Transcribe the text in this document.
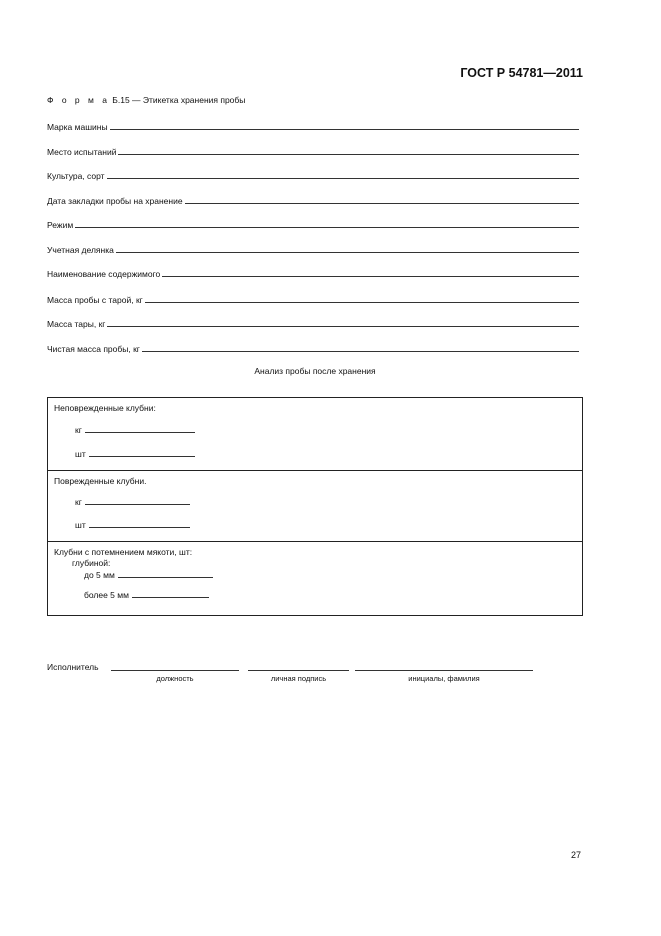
ГОСТ Р 54781—2011
Ф о р м а Б.15 — Этикетка хранения пробы
Марка машины
Место испытаний
Культура, сорт
Дата закладки пробы на хранение
Режим
Учетная делянка
Наименование содержимого
Масса пробы с тарой, кг
Масса тары, кг
Чистая масса пробы, кг
Анализ пробы после хранения
Неповрежденные клубни:
кг
шт
Поврежденные клубни.
кг
шт
Клубни с потемнением мякоти, шт:
глубиной:
до 5 мм
более 5 мм
Исполнитель
должность	личная подпись	инициалы, фамилия
27
